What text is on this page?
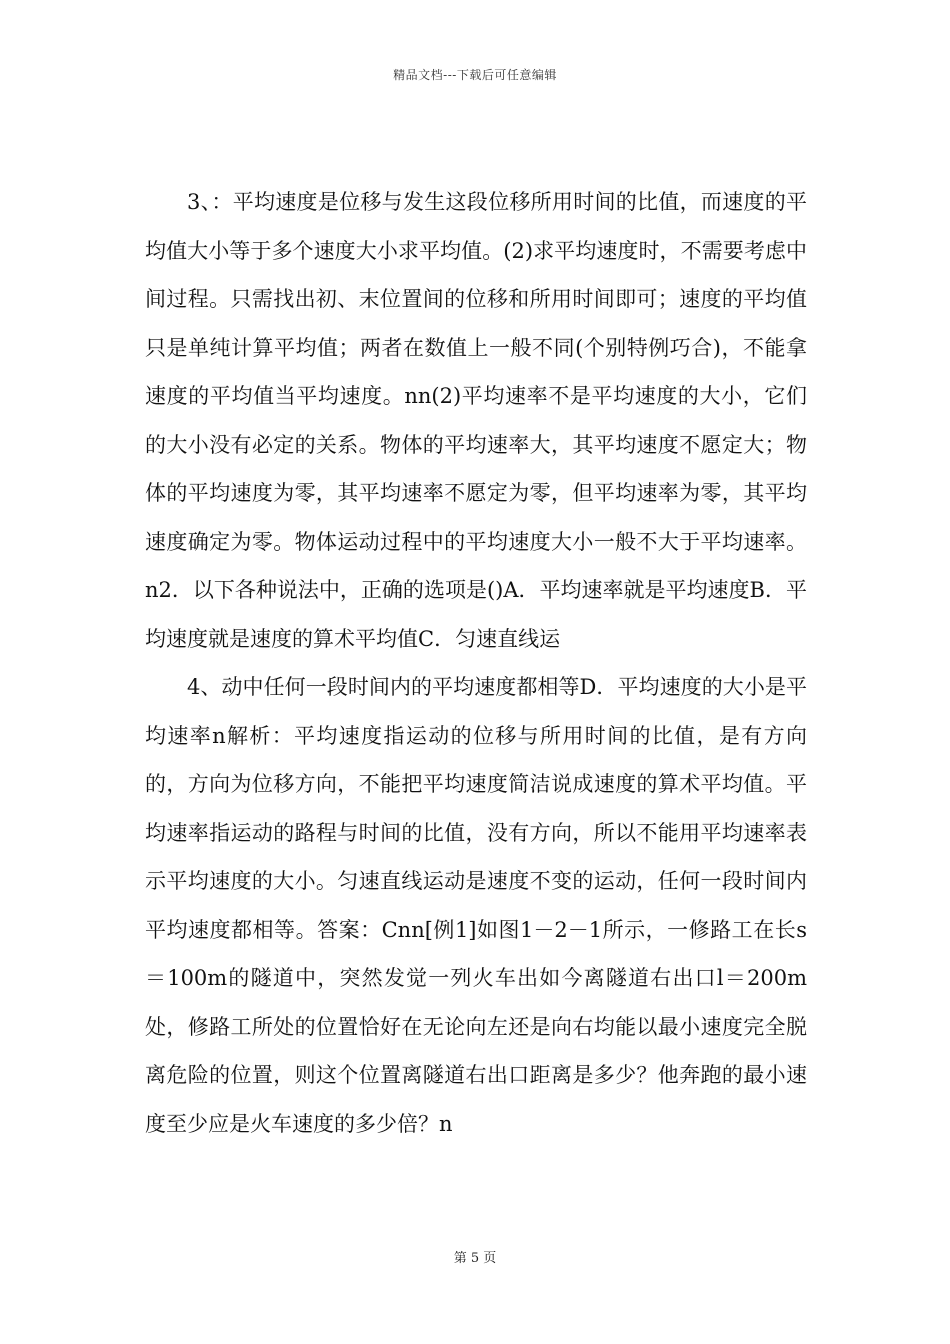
精品文档---下载后可任意编辑

3、：平均速度是位移与发生这段位移所用时间的比值，而速度的平均值大小等于多个速度大小求平均值。(2)求平均速度时，不需要考虑中间过程。只需找出初、末位置间的位移和所用时间即可；速度的平均值只是单纯计算平均值；两者在数值上一般不同(个别特例巧合)，不能拿速度的平均值当平均速度。nn(2)平均速率不是平均速度的大小，它们的大小没有必定的关系。物体的平均速率大，其平均速度不愿定大；物体的平均速度为零，其平均速率不愿定为零，但平均速率为零，其平均速度确定为零。物体运动过程中的平均速度大小一般不大于平均速率。n2．以下各种说法中，正确的选项是()A．平均速率就是平均速度B．平均速度就是速度的算术平均值C．匀速直线运

4、动中任何一段时间内的平均速度都相等D．平均速度的大小是平均速率n解析：平均速度指运动的位移与所用时间的比值，是有方向的，方向为位移方向，不能把平均速度简洁说成速度的算术平均值。平均速率指运动的路程与时间的比值，没有方向，所以不能用平均速率表示平均速度的大小。匀速直线运动是速度不变的运动，任何一段时间内平均速度都相等。答案：Cnn[例1]如图1－2－1所示，一修路工在长s＝100m的隧道中，突然发觉一列火车出如今离隧道右出口l＝200m处，修路工所处的位置恰好在无论向左还是向右均能以最小速度完全脱离危险的位置，则这个位置离隧道右出口距离是多少？他奔跑的最小速度至少应是火车速度的多少倍？n

第 5 页
